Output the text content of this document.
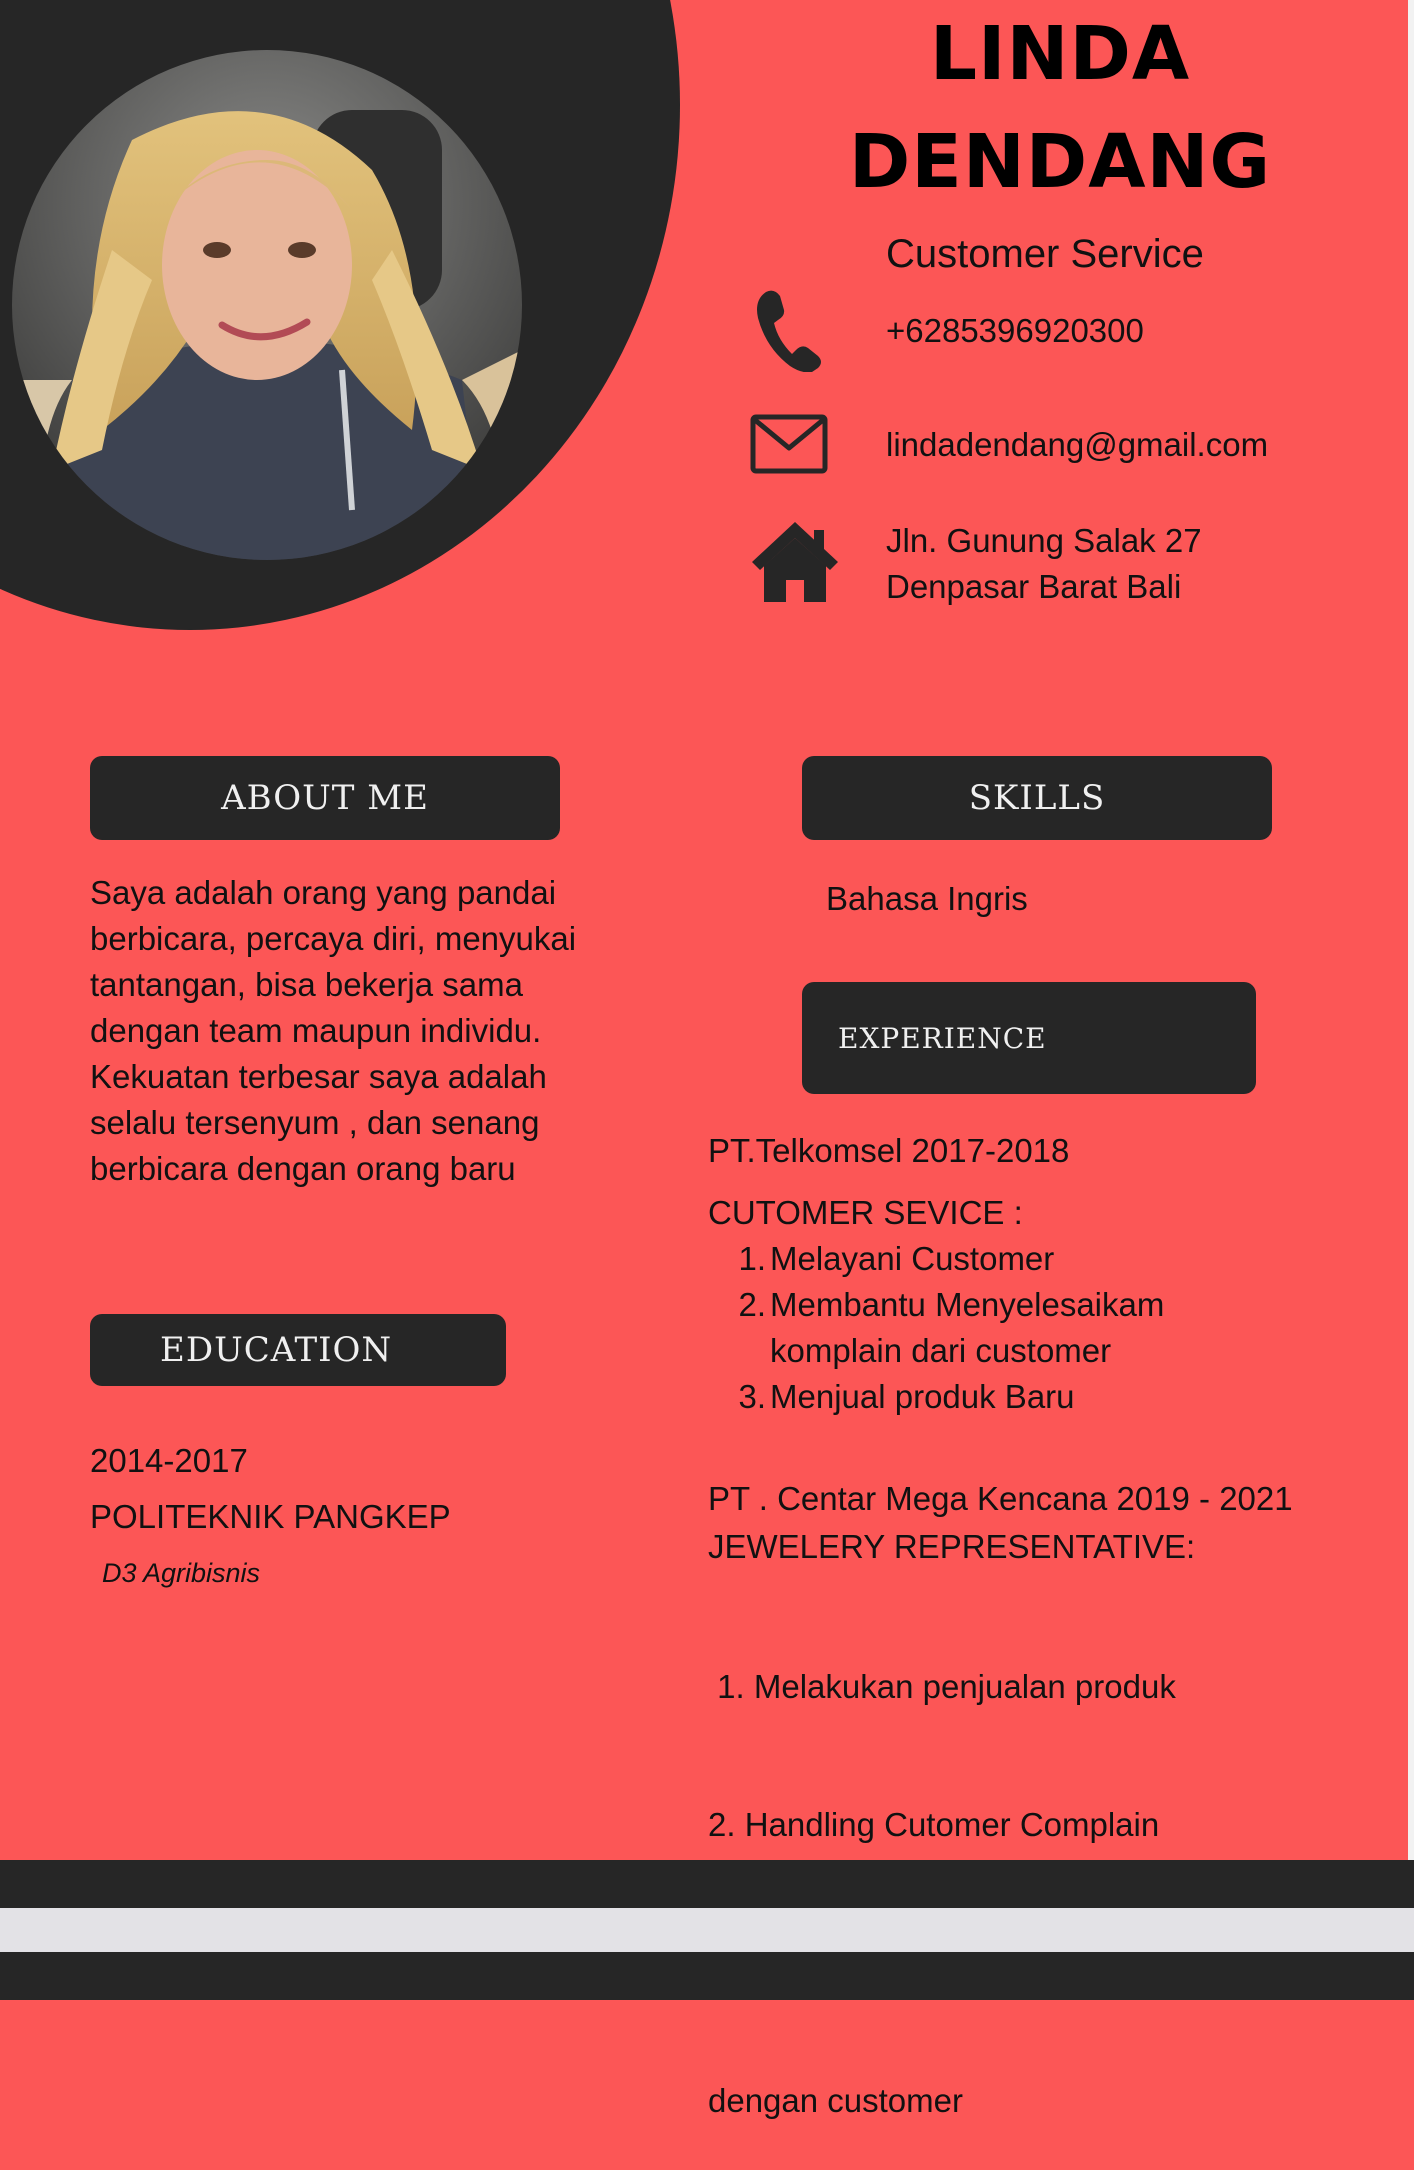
LINDA
DENDANG
Customer Service
+6285396920300
lindadendang@gmail.com
Jln. Gunung Salak 27
Denpasar Barat Bali
ABOUT ME
Saya adalah orang yang pandai
berbicara, percaya diri, menyukai
tantangan, bisa bekerja sama
dengan team maupun individu.
Kekuatan terbesar saya adalah
selalu tersenyum , dan senang
berbicara dengan orang baru
EDUCATION
2014-2017
POLITEKNIK PANGKEP
D3 Agribisnis
SKILLS
Bahasa Ingris
EXPERIENCE
PT.Telkomsel 2017-2018
CUTOMER SEVICE :
1. Melayani Customer
2. Membantu Menyelesaikam
komplain dari customer
3. Menjual produk Baru
PT . Centar Mega Kencana 2019 - 2021
JEWELERY REPRESENTATIVE:

1. Melakukan penjualan produk

2. Handling Cutomer Complain

dengan customer
